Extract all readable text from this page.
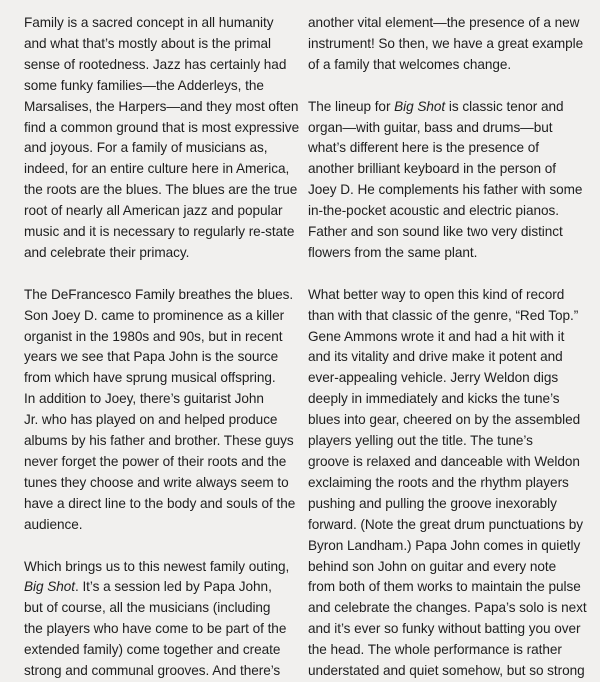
Family is a sacred concept in all humanity
and what that’s mostly about is the primal
sense of rootedness. Jazz has certainly had
some funky families—the Adderleys, the
Marsalises, the Harpers—and they most often
find a common ground that is most expressive
and joyous. For a family of musicians as,
indeed, for an entire culture here in America,
the roots are the blues. The blues are the true
root of nearly all American jazz and popular
music and it is necessary to regularly re-state
and celebrate their primacy.

The DeFrancesco Family breathes the blues.
Son Joey D. came to prominence as a killer
organist in the 1980s and 90s, but in recent
years we see that Papa John is the source
from which have sprung musical offspring.
In addition to Joey, there’s guitarist John
Jr. who has played on and helped produce
albums by his father and brother. These guys
never forget the power of their roots and the
tunes they choose and write always seem to
have a direct line to the body and souls of the
audience.

Which brings us to this newest family outing,
Big Shot. It’s a session led by Papa John,
but of course, all the musicians (including
the players who have come to be part of the
extended family) come together and create
strong and communal grooves. And there’s

another vital element—the presence of a new
instrument! So then, we have a great example
of a family that welcomes change.

The lineup for Big Shot is classic tenor and
organ—with guitar, bass and drums—but
what’s different here is the presence of
another brilliant keyboard in the person of
Joey D. He complements his father with some
in-the-pocket acoustic and electric pianos.
Father and son sound like two very distinct
flowers from the same plant.

What better way to open this kind of record
than with that classic of the genre, “Red Top.”
Gene Ammons wrote it and had a hit with it
and its vitality and drive make it potent and
ever-appealing vehicle. Jerry Weldon digs
deeply in immediately and kicks the tune’s
blues into gear, cheered on by the assembled
players yelling out the title. The tune’s
groove is relaxed and danceable with Weldon
exclaiming the roots and the rhythm players
pushing and pulling the groove inexorably
forward. (Note the great drum punctuations by
Byron Landham.) Papa John comes in quietly
behind son John on guitar and every note
from both of them works to maintain the pulse
and celebrate the changes. Papa’s solo is next
and it’s ever so funky without batting you over
the head. The whole performance is rather
understated and quiet somehow, but so strong
